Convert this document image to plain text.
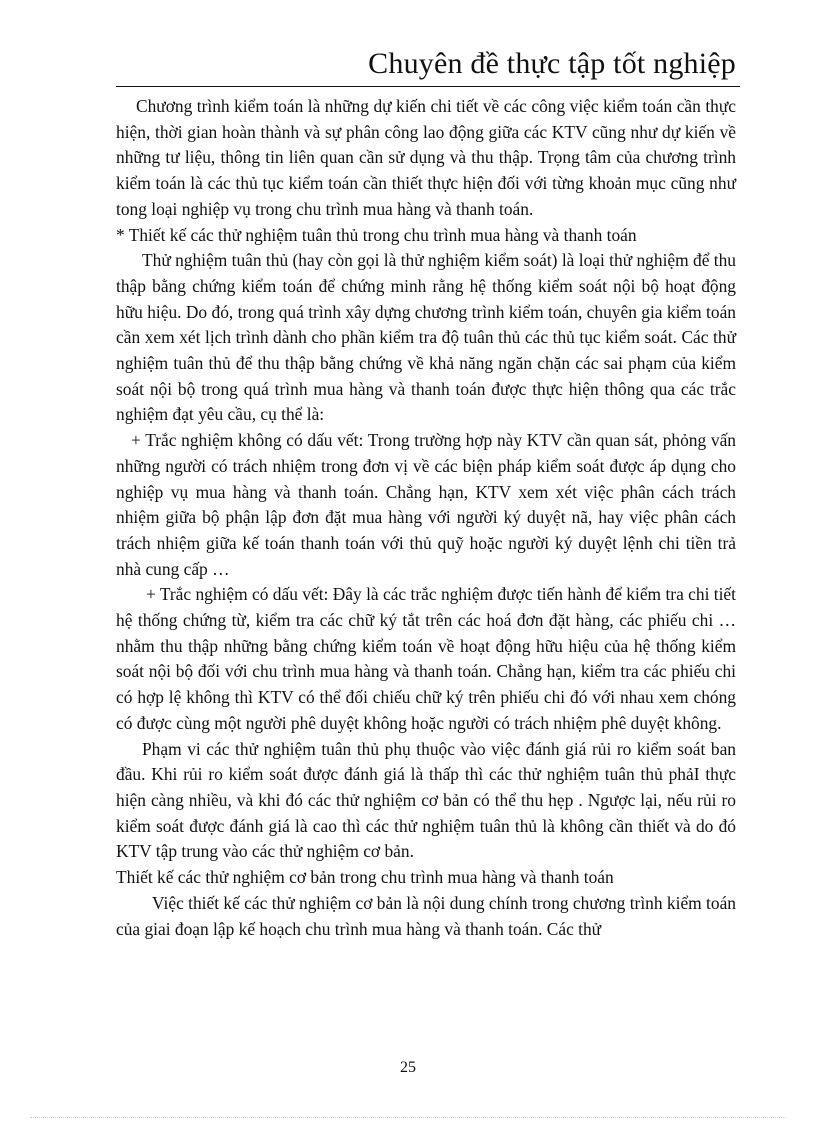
Chuyên đề thực tập tốt nghiệp

Chương trình kiểm toán là những dự kiến chi tiết về các công việc kiểm toán cần thực hiện, thời gian hoàn thành và sự phân công lao động giữa các KTV cũng như dự kiến về những tư liệu, thông tin liên quan cần sử dụng và thu thập. Trọng tâm của chương trình kiểm toán là các thủ tục kiểm toán cần thiết thực hiện đối với từng khoản mục cũng như tong loại nghiệp vụ trong chu trình mua hàng và thanh toán.

* Thiết kế các thử nghiệm tuân thủ trong chu trình mua hàng và thanh toán

Thử nghiệm tuân thủ (hay còn gọi là thử nghiệm kiểm soát) là loại thử nghiệm để thu thập bằng chứng kiểm toán để chứng minh rằng hệ thống kiểm soát nội bộ hoạt động hữu hiệu. Do đó, trong quá trình xây dựng chương trình kiểm toán, chuyên gia kiểm toán cần xem xét lịch trình dành cho phần kiểm tra độ tuân thủ các thủ tục kiểm soát. Các thử nghiệm tuân thủ để thu thập bằng chứng về khả năng ngăn chặn các sai phạm của kiểm soát nội bộ trong quá trình mua hàng và thanh toán được thực hiện thông qua các trắc nghiệm đạt yêu cầu, cụ thể là:

+ Trắc nghiệm không có dấu vết: Trong trường hợp này KTV cần quan sát, phỏng vấn những người có trách nhiệm trong đơn vị về các biện pháp kiểm soát được áp dụng cho nghiệp vụ mua hàng và thanh toán. Chẳng hạn, KTV xem xét việc phân cách trách nhiệm giữa bộ phận lập đơn đặt mua hàng với người ký duyệt nã, hay việc phân cách trách nhiệm giữa kế toán thanh toán với thủ quỹ hoặc người ký duyệt lệnh chi tiền trả nhà cung cấp …

+ Trắc nghiệm có dấu vết: Đây là các trắc nghiệm được tiến hành để kiểm tra chi tiết hệ thống chứng từ, kiểm tra các chữ ký tắt trên các hoá đơn đặt hàng, các phiếu chi … nhằm thu thập những bằng chứng kiểm toán về hoạt động hữu hiệu của hệ thống kiểm soát nội bộ đối với chu trình mua hàng và thanh toán. Chẳng hạn, kiểm tra các phiếu chi có hợp lệ không thì KTV có thể đối chiếu chữ ký trên phiếu chi đó với nhau xem chóng có được cùng một người phê duyệt không hoặc người có trách nhiệm phê duyệt không.

Phạm vi các thử nghiệm tuân thủ phụ thuộc vào việc đánh giá rủi ro kiểm soát ban đầu. Khi rủi ro kiểm soát được đánh giá là thấp thì các thử nghiệm tuân thủ phảI thực hiện càng nhiều, và khi đó các thử nghiệm cơ bản có thể thu hẹp . Ngược lại, nếu rủi ro kiểm soát được đánh giá là cao thì các thử nghiệm tuân thủ là không cần thiết và do đó KTV tập trung vào các thử nghiệm cơ bản.

Thiết kế các thử nghiệm cơ bản trong chu trình mua hàng và thanh toán

Việc thiết kế các thử nghiệm cơ bản là nội dung chính trong chương trình kiểm toán của giai đoạn lập kế hoạch chu trình mua hàng và thanh toán. Các thử

25
